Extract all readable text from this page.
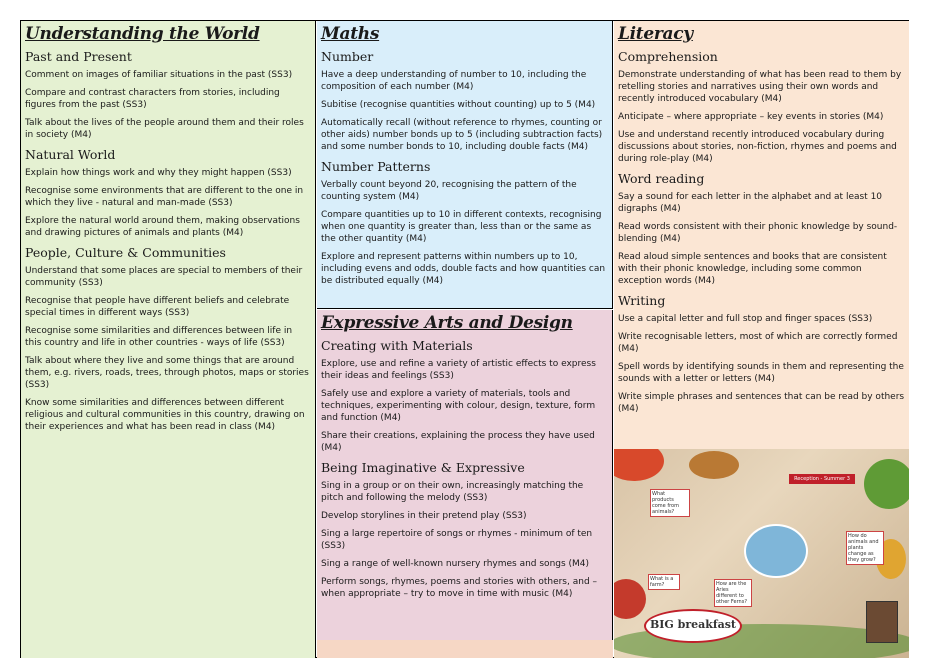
Understanding the World
Past and Present

Comment on images of familiar situations in the past (SS3)

Compare and contrast characters from stories, including figures from the past (SS3)

Talk about the lives of the people around them and their roles in society (M4)

Natural World

Explain how things work and why they might happen (SS3)

Recognise some environments that are different to the one in which they live - natural and man-made (SS3)

Explore the natural world around them, making observations and drawing pictures of animals and plants (M4)

People, Culture & Communities

Understand that some places are special to members of their community (SS3)

Recognise that people have different beliefs and celebrate special times in different ways (SS3)

Recognise some similarities and differences between life in this country and life in other countries - ways of life (SS3)

Talk about where they live and some things that are around them, e.g. rivers, roads, trees, through photos, maps or stories (SS3)

Know some similarities and differences between different religious and cultural communities in this country, drawing on their experiences and what has been read in class (M4)

Maths
Number

Have a deep understanding of number to 10, including the composition of each number (M4)

Subitise (recognise quantities without counting) up to 5 (M4)

Automatically recall (without reference to rhymes, counting or other aids) number bonds up to 5 (including subtraction facts) and some number bonds to 10, including double facts (M4)

Number Patterns

Verbally count beyond 20, recognising the pattern of the counting system (M4)

Compare quantities up to 10 in different contexts, recognising when one quantity is greater than, less than or the same as the other quantity (M4)

Explore and represent patterns within numbers up to 10, including evens and odds, double facts and how quantities can be distributed equally (M4)

Expressive Arts and Design
Creating with Materials

Explore, use and refine a variety of artistic effects to express their ideas and feelings (SS3)

Safely use and explore a variety of materials, tools and techniques, experimenting with colour, design, texture, form and function (M4)

Share their creations, explaining the process they have used (M4)

Being Imaginative & Expressive

Sing in a group or on their own, increasingly matching the pitch and following the melody (SS3)

Develop storylines in their pretend play (SS3)

Sing a large repertoire of songs or rhymes - minimum of ten (SS3)

Sing a range of well-known nursery rhymes and songs (M4)

Perform songs, rhymes, poems and stories with others, and – when appropriate – try to move in time with music (M4)

Literacy
Comprehension

Demonstrate understanding of what has been read to them by retelling stories and narratives using their own words and recently introduced vocabulary (M4)

Anticipate – where appropriate – key events in stories (M4)

Use and understand recently introduced vocabulary during discussions about stories, non-fiction, rhymes and poems and during role-play (M4)

Word reading

Say a sound for each letter in the alphabet and at least 10 digraphs (M4)

Read words consistent with their phonic knowledge by sound-blending (M4)

Read aloud simple sentences and books that are consistent with their phonic knowledge, including some common exception words (M4)

Writing

Use a capital letter and full stop and finger spaces (SS3)

Write recognisable letters, most of which are correctly formed (M4)

Spell words by identifying sounds in them and representing the sounds with a letter or letters (M4)

Write simple phrases and sentences that can be read by others (M4)

Reception - Summer 3
What products come from animals?
What is a farm?	How are the Aries different to other Ferns?
How do animals and plants change as they grow?
BIG breakfast
